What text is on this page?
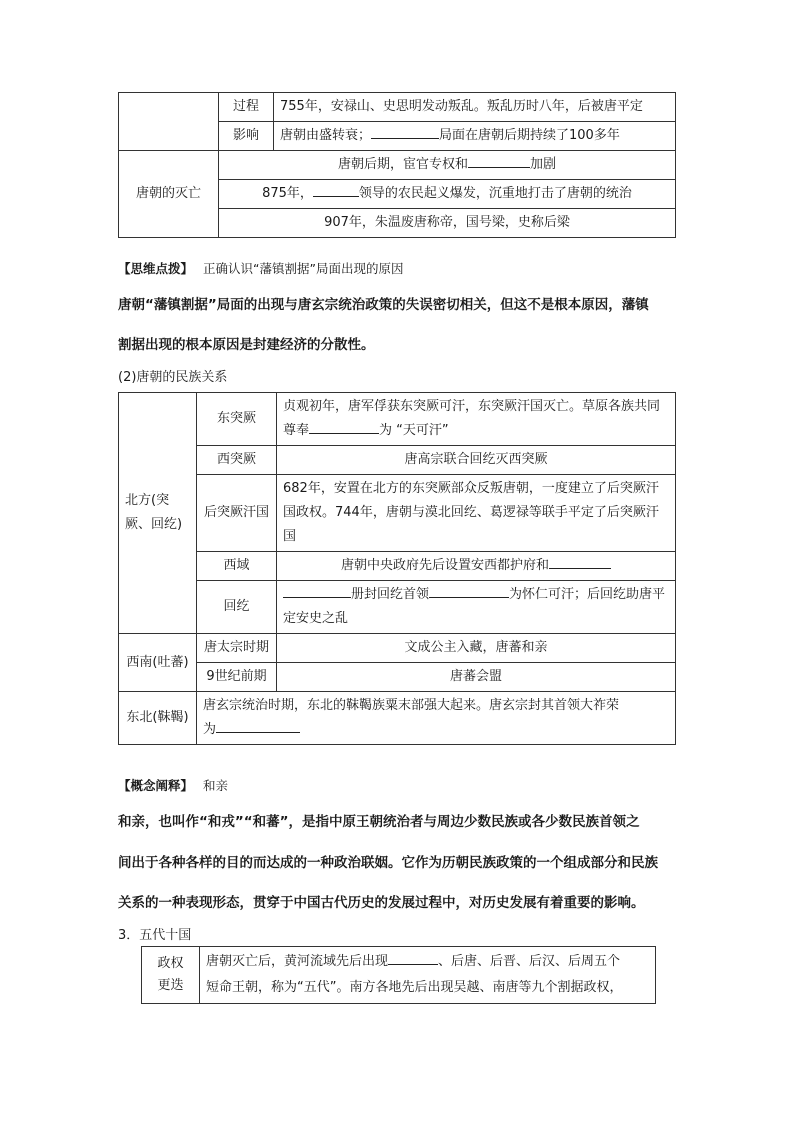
	过程	755年，安禄山、史思明发动叛乱。叛乱历时八年，后被唐平定
	影响	唐朝由盛转衰； 局面在唐朝后期持续了100多年
唐朝的灭亡	唐朝后期，宦官专权和 加剧	
	875年， 领导的农民起义爆发，沉重地打击了唐朝的统治	
	907年，朱温废唐称帝，国号梁，史称后梁	
【思维点拨】 正确认识“藩镇割据”局面出现的原因
唐朝“藩镇割据”局面的出现与唐玄宗统治政策的失误密切相关，但这不是根本原因，藩镇
割据出现的根本原因是封建经济的分散性。
(2)唐朝的民族关系
北方(突厥、回纥)	东突厥	贞观初年，唐军俘获东突厥可汗，东突厥汗国灭亡。草原各族共同尊奉 为 “天可汗”
	西突厥	唐高宗联合回纥灭西突厥
	后突厥汗国	682年，安置在北方的东突厥部众反叛唐朝，一度建立了后突厥汗国政权。744年，唐朝与漠北回纥、葛逻禄等联手平定了后突厥汗国
	西域	唐朝中央政府先后设置安西都护府和
	回纥	册封回纥首领 为怀仁可汗；后回纥助唐平定安史之乱
西南(吐蕃)	唐太宗时期	文成公主入藏，唐蕃和亲
	9世纪前期	唐蕃会盟
东北(靺鞨)	唐玄宗统治时期，东北的靺鞨族粟末部强大起来。唐玄宗封其首领大祚荣
为	
【概念阐释】 和亲
和亲，也叫作“和戎”“和蕃”，是指中原王朝统治者与周边少数民族或各少数民族首领之
间出于各种各样的目的而达成的一种政治联姻。它作为历朝民族政策的一个组成部分和民族
关系的一种表现形态，贯穿于中国古代历史的发展过程中，对历史发展有着重要的影响。
3．五代十国
政权更迭	唐朝灭亡后，黄河流域先后出现	、后唐、后晋、后汉、后周五个
短命王朝，称为“五代”。南方各地先后出现吴越、南唐等九个割据政权，
